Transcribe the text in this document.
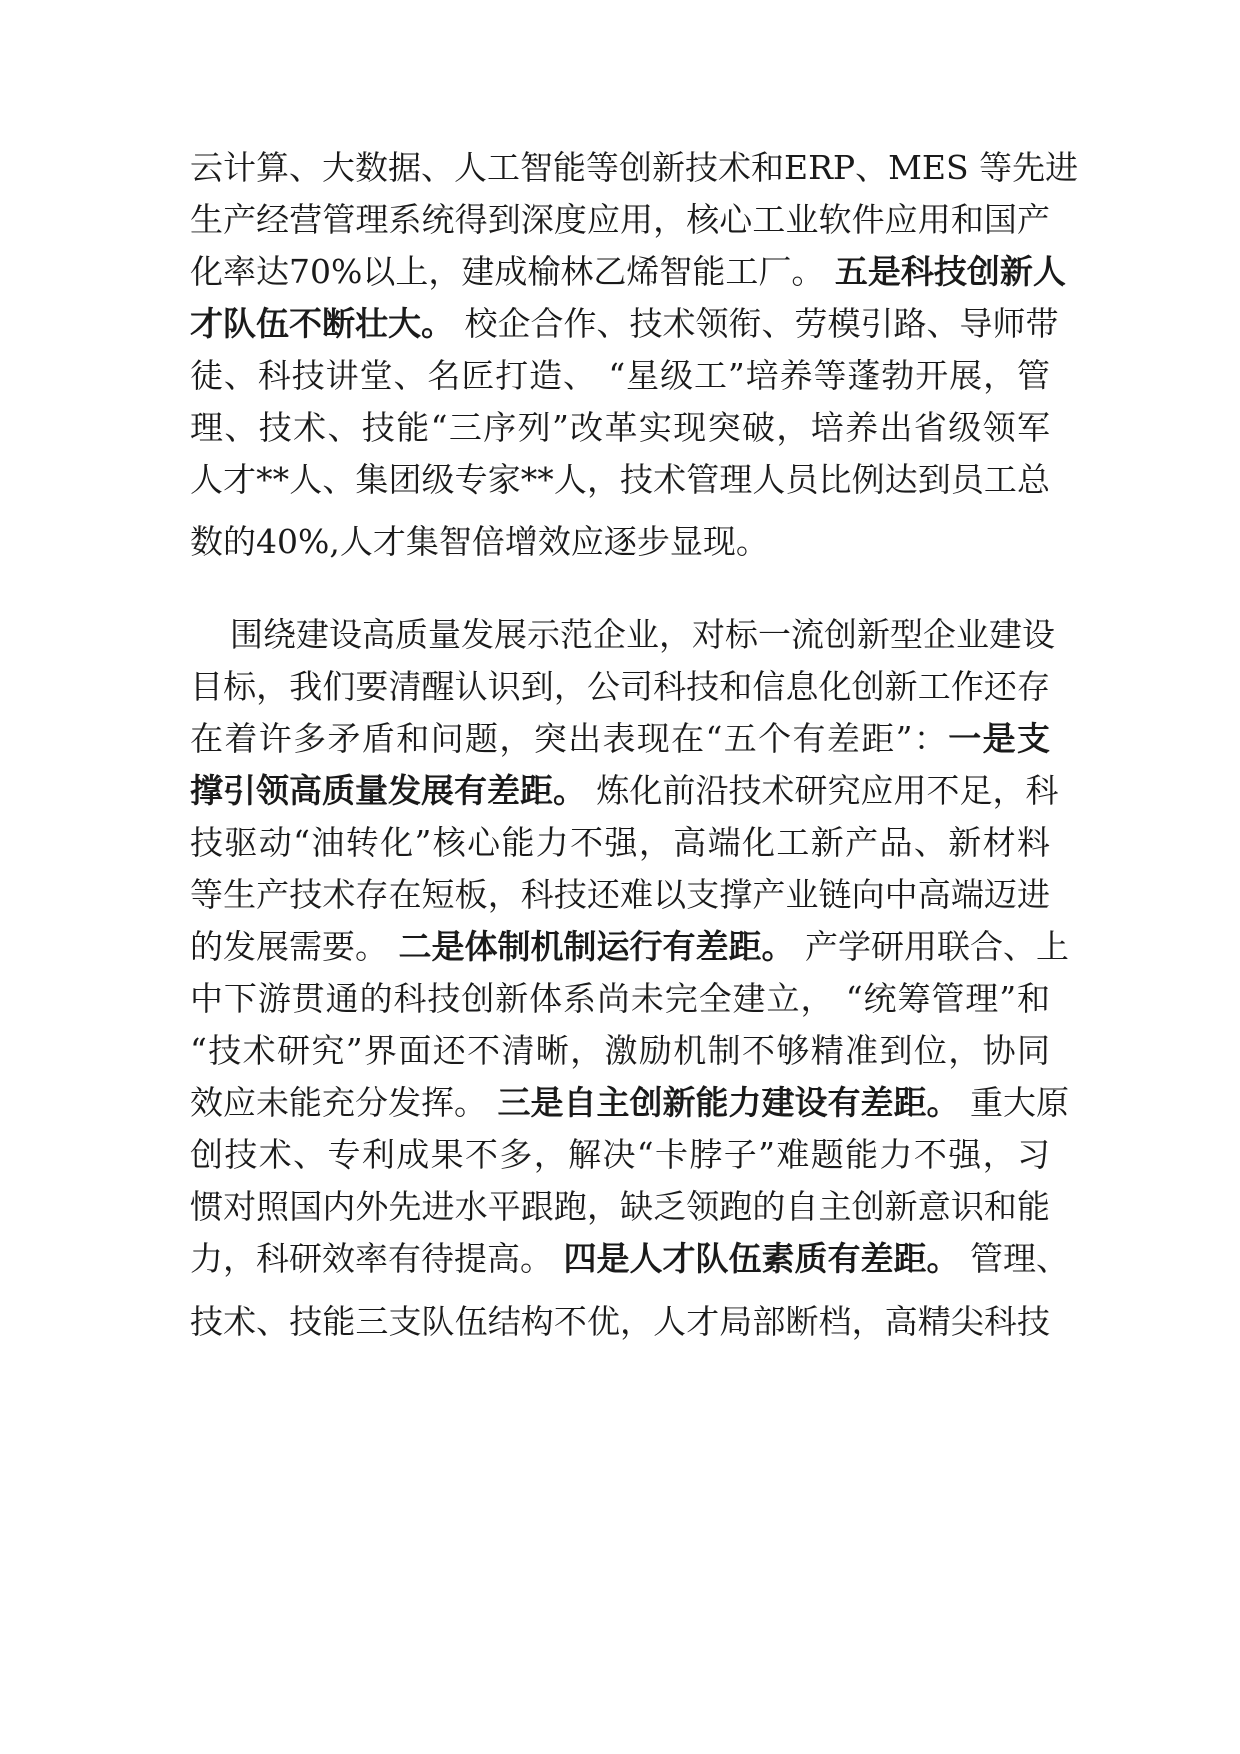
云计算、大数据、人工智能等创新技术和ERP、MES 等先进
生产经营管理系统得到深度应用，核心工业软件应用和国产
化率达70%以上，建成榆林乙烯智能工厂。 五是科技创新人
才队伍不断壮大。 校企合作、技术领衔、劳模引路、导师带
徒、科技讲堂、名匠打造、 “星级工”培养等蓬勃开展，管
理、技术、技能“三序列”改革实现突破，培养出省级领军
人才**人、集团级专家**人，技术管理人员比例达到员工总
数的40%,人才集智倍增效应逐步显现。
围绕建设高质量发展示范企业，对标一流创新型企业建设
目标，我们要清醒认识到，公司科技和信息化创新工作还存
在着许多矛盾和问题，突出表现在“五个有差距”：一是支
撑引领高质量发展有差距。 炼化前沿技术研究应用不足，科
技驱动“油转化”核心能力不强，高端化工新产品、新材料
等生产技术存在短板，科技还难以支撑产业链向中高端迈进
的发展需要。 二是体制机制运行有差距。 产学研用联合、上
中下游贯通的科技创新体系尚未完全建立， “统筹管理”和
“技术研究”界面还不清晰，激励机制不够精准到位，协同
效应未能充分发挥。 三是自主创新能力建设有差距。 重大原
创技术、专利成果不多，解决“卡脖子”难题能力不强，习
惯对照国内外先进水平跟跑，缺乏领跑的自主创新意识和能
力，科研效率有待提高。 四是人才队伍素质有差距。 管理、
技术、技能三支队伍结构不优，人才局部断档，高精尖科技
